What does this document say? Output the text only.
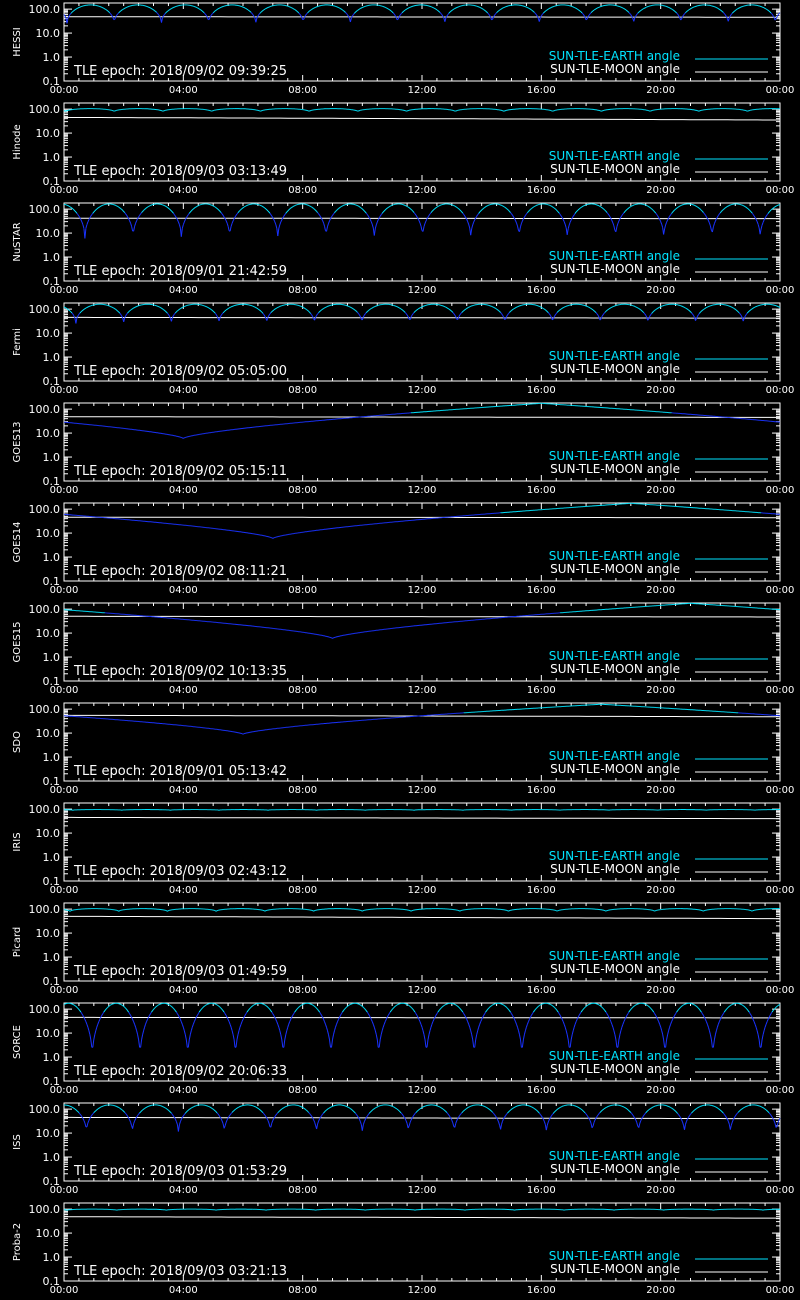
100.0
10.0
1.0
0.1
00:00	04:00	08:00	12:00	16:00	20:00	00:00
HESSI
TLE epoch: 2018/09/02 09:39:25
SUN-TLE-EARTH angle
SUN-TLE-MOON angle
100.0
10.0
1.0
0.1
00:00	04:00	08:00	12:00	16:00	20:00	00:00
Hinode
TLE epoch: 2018/09/03 03:13:49
SUN-TLE-EARTH angle
SUN-TLE-MOON angle
100.0
10.0
1.0
0.1
00:00	04:00	08:00	12:00	16:00	20:00	00:00
NuSTAR
TLE epoch: 2018/09/01 21:42:59
SUN-TLE-EARTH angle
SUN-TLE-MOON angle
100.0
10.0
1.0
0.1
00:00	04:00	08:00	12:00	16:00	20:00	00:00
Fermi
TLE epoch: 2018/09/02 05:05:00
SUN-TLE-EARTH angle
SUN-TLE-MOON angle
100.0
10.0
1.0
0.1
00:00	04:00	08:00	12:00	16:00	20:00	00:00
GOES13
TLE epoch: 2018/09/02 05:15:11
SUN-TLE-EARTH angle
SUN-TLE-MOON angle
100.0
10.0
1.0
0.1
00:00	04:00	08:00	12:00	16:00	20:00	00:00
GOES14
TLE epoch: 2018/09/02 08:11:21
SUN-TLE-EARTH angle
SUN-TLE-MOON angle
100.0
10.0
1.0
0.1
00:00	04:00	08:00	12:00	16:00	20:00	00:00
GOES15
TLE epoch: 2018/09/02 10:13:35
SUN-TLE-EARTH angle
SUN-TLE-MOON angle
100.0
10.0
1.0
0.1
00:00	04:00	08:00	12:00	16:00	20:00	00:00
SDO
TLE epoch: 2018/09/01 05:13:42
SUN-TLE-EARTH angle
SUN-TLE-MOON angle
100.0
10.0
1.0
0.1
00:00	04:00	08:00	12:00	16:00	20:00	00:00
IRIS
TLE epoch: 2018/09/03 02:43:12
SUN-TLE-EARTH angle
SUN-TLE-MOON angle
100.0
10.0
1.0
0.1
00:00	04:00	08:00	12:00	16:00	20:00	00:00
Picard
TLE epoch: 2018/09/03 01:49:59
SUN-TLE-EARTH angle
SUN-TLE-MOON angle
100.0
10.0
1.0
0.1
00:00	04:00	08:00	12:00	16:00	20:00	00:00
SORCE
TLE epoch: 2018/09/02 20:06:33
SUN-TLE-EARTH angle
SUN-TLE-MOON angle
100.0
10.0
1.0
0.1
00:00	04:00	08:00	12:00	16:00	20:00	00:00
ISS
TLE epoch: 2018/09/03 01:53:29
SUN-TLE-EARTH angle
SUN-TLE-MOON angle
100.0
10.0
1.0
0.1
00:00	04:00	08:00	12:00	16:00	20:00	00:00
Proba-2
TLE epoch: 2018/09/03 03:21:13
SUN-TLE-EARTH angle
SUN-TLE-MOON angle
